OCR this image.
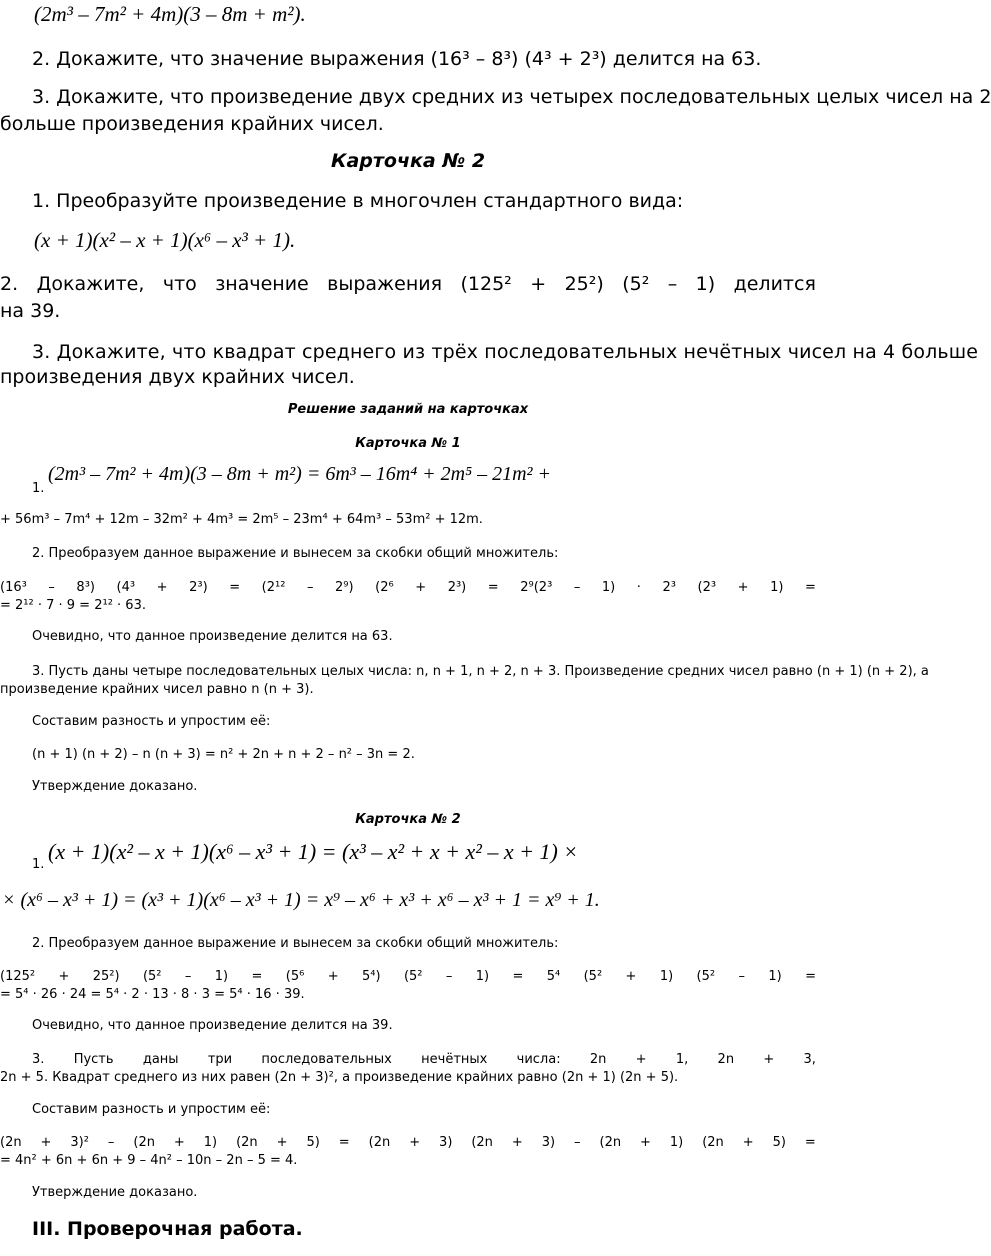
(2m³ – 7m² + 4m)(3 – 8m + m²).
2. Докажите, что значение выражения (16³ – 8³) (4³ + 2³) делится на 63.
3. Докажите, что произведение двух средних из четырех последовательных целых чисел на 2
больше произведения крайних чисел.
Карточка № 2
1. Преобразуйте произведение в многочлен стандартного вида:
(x + 1)(x² – x + 1)(x⁶ – x³ + 1).
2. Докажите, что значение выражения (125² + 25²) (5² – 1) делится
на 39.
3. Докажите, что квадрат среднего из трёх последовательных нечётных чисел на 4 больше
произведения двух крайних чисел.
Решение заданий на карточках
Карточка № 1
1.
(2m³ – 7m² + 4m)(3 – 8m + m²) = 6m³ – 16m⁴ + 2m⁵ – 21m² +
+ 56m³ – 7m⁴ + 12m – 32m² + 4m³ = 2m⁵ – 23m⁴ + 64m³ – 53m² + 12m.
2. Преобразуем данное выражение и вынесем за скобки общий множитель:
(16³ – 8³) (4³ + 2³) = (2¹² – 2⁹) (2⁶ + 2³) = 2⁹(2³ – 1) · 2³ (2³ + 1) =
= 2¹² · 7 · 9 = 2¹² · 63.
Очевидно, что данное произведение делится на 63.
3. Пусть даны четыре последовательных целых числа: n, n + 1, n + 2, n + 3. Произведение средних чисел равно (n + 1) (n + 2), а
произведение крайних чисел равно n (n + 3).
Составим разность и упростим её:
(n + 1) (n + 2) – n (n + 3) = n² + 2n + n + 2 – n² – 3n = 2.
Утверждение доказано.
Карточка № 2
1.
(x + 1)(x² – x + 1)(x⁶ – x³ + 1) = (x³ – x² + x + x² – x + 1) ×
× (x⁶ – x³ + 1) = (x³ + 1)(x⁶ – x³ + 1) = x⁹ – x⁶ + x³ + x⁶ – x³ + 1 = x⁹ + 1.
2. Преобразуем данное выражение и вынесем за скобки общий множитель:
(125² + 25²) (5² – 1) = (5⁶ + 5⁴) (5² – 1) = 5⁴ (5² + 1) (5² – 1) =
= 5⁴ · 26 · 24 = 5⁴ · 2 · 13 · 8 · 3 = 5⁴ · 16 · 39.
Очевидно, что данное произведение делится на 39.
3. Пусть даны три последовательных нечётных числа: 2n + 1, 2n + 3,
2n + 5. Квадрат среднего из них равен (2n + 3)², а произведение крайних равно (2n + 1) (2n + 5).
Составим разность и упростим её:
(2n + 3)² – (2n + 1) (2n + 5) = (2n + 3) (2n + 3) – (2n + 1) (2n + 5) =
= 4n² + 6n + 6n + 9 – 4n² – 10n – 2n – 5 = 4.
Утверждение доказано.
III. Проверочная работа.
